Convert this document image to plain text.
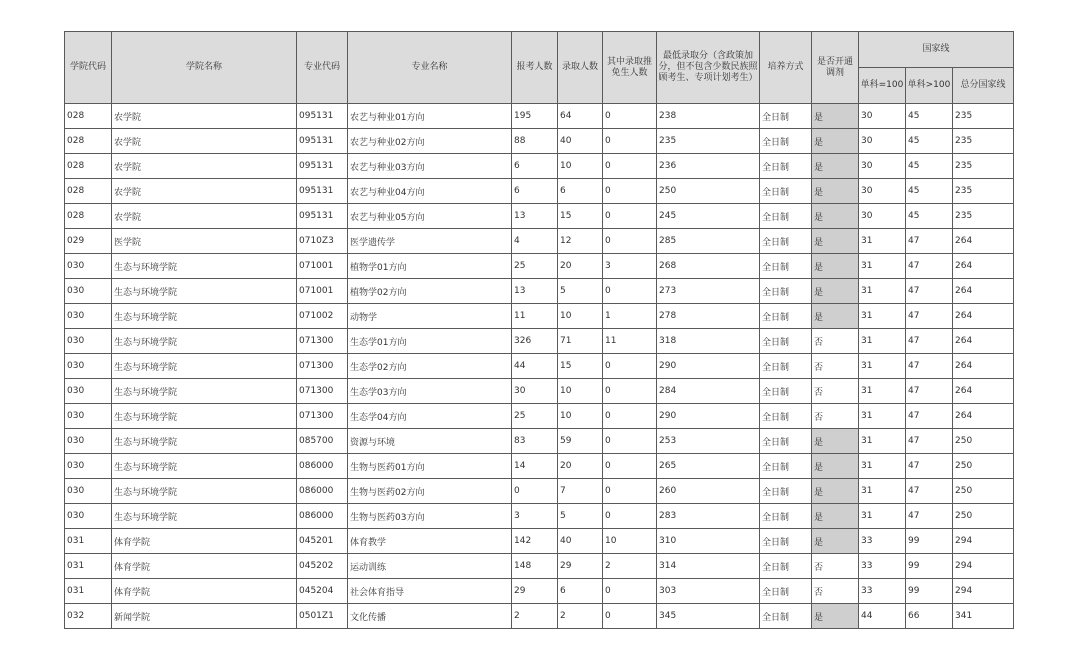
学院代码	学院名称	专业代码	专业名称	报考人数	录取人数	其中录取推免生人数	最低录取分（含政策加分，但不包含少数民族照顾考生、专项计划考生）	培养方式	是否开通调剂	国家线		
										单科=100	单科>100	总分国家线
028	农学院	095131	农艺与种业01方向	195	64	0	238	全日制	是	30	45	235
028	农学院	095131	农艺与种业02方向	88	40	0	235	全日制	是	30	45	235
028	农学院	095131	农艺与种业03方向	6	10	0	236	全日制	是	30	45	235
028	农学院	095131	农艺与种业04方向	6	6	0	250	全日制	是	30	45	235
028	农学院	095131	农艺与种业05方向	13	15	0	245	全日制	是	30	45	235
029	医学院	0710Z3	医学遗传学	4	12	0	285	全日制	是	31	47	264
030	生态与环境学院	071001	植物学01方向	25	20	3	268	全日制	是	31	47	264
030	生态与环境学院	071001	植物学02方向	13	5	0	273	全日制	是	31	47	264
030	生态与环境学院	071002	动物学	11	10	1	278	全日制	是	31	47	264
030	生态与环境学院	071300	生态学01方向	326	71	11	318	全日制	否	31	47	264
030	生态与环境学院	071300	生态学02方向	44	15	0	290	全日制	否	31	47	264
030	生态与环境学院	071300	生态学03方向	30	10	0	284	全日制	否	31	47	264
030	生态与环境学院	071300	生态学04方向	25	10	0	290	全日制	否	31	47	264
030	生态与环境学院	085700	资源与环境	83	59	0	253	全日制	是	31	47	250
030	生态与环境学院	086000	生物与医药01方向	14	20	0	265	全日制	是	31	47	250
030	生态与环境学院	086000	生物与医药02方向	0	7	0	260	全日制	是	31	47	250
030	生态与环境学院	086000	生物与医药03方向	3	5	0	283	全日制	是	31	47	250
031	体育学院	045201	体育教学	142	40	10	310	全日制	是	33	99	294
031	体育学院	045202	运动训练	148	29	2	314	全日制	否	33	99	294
031	体育学院	045204	社会体育指导	29	6	0	303	全日制	否	33	99	294
032	新闻学院	0501Z1	文化传播	2	2	0	345	全日制	是	44	66	341
